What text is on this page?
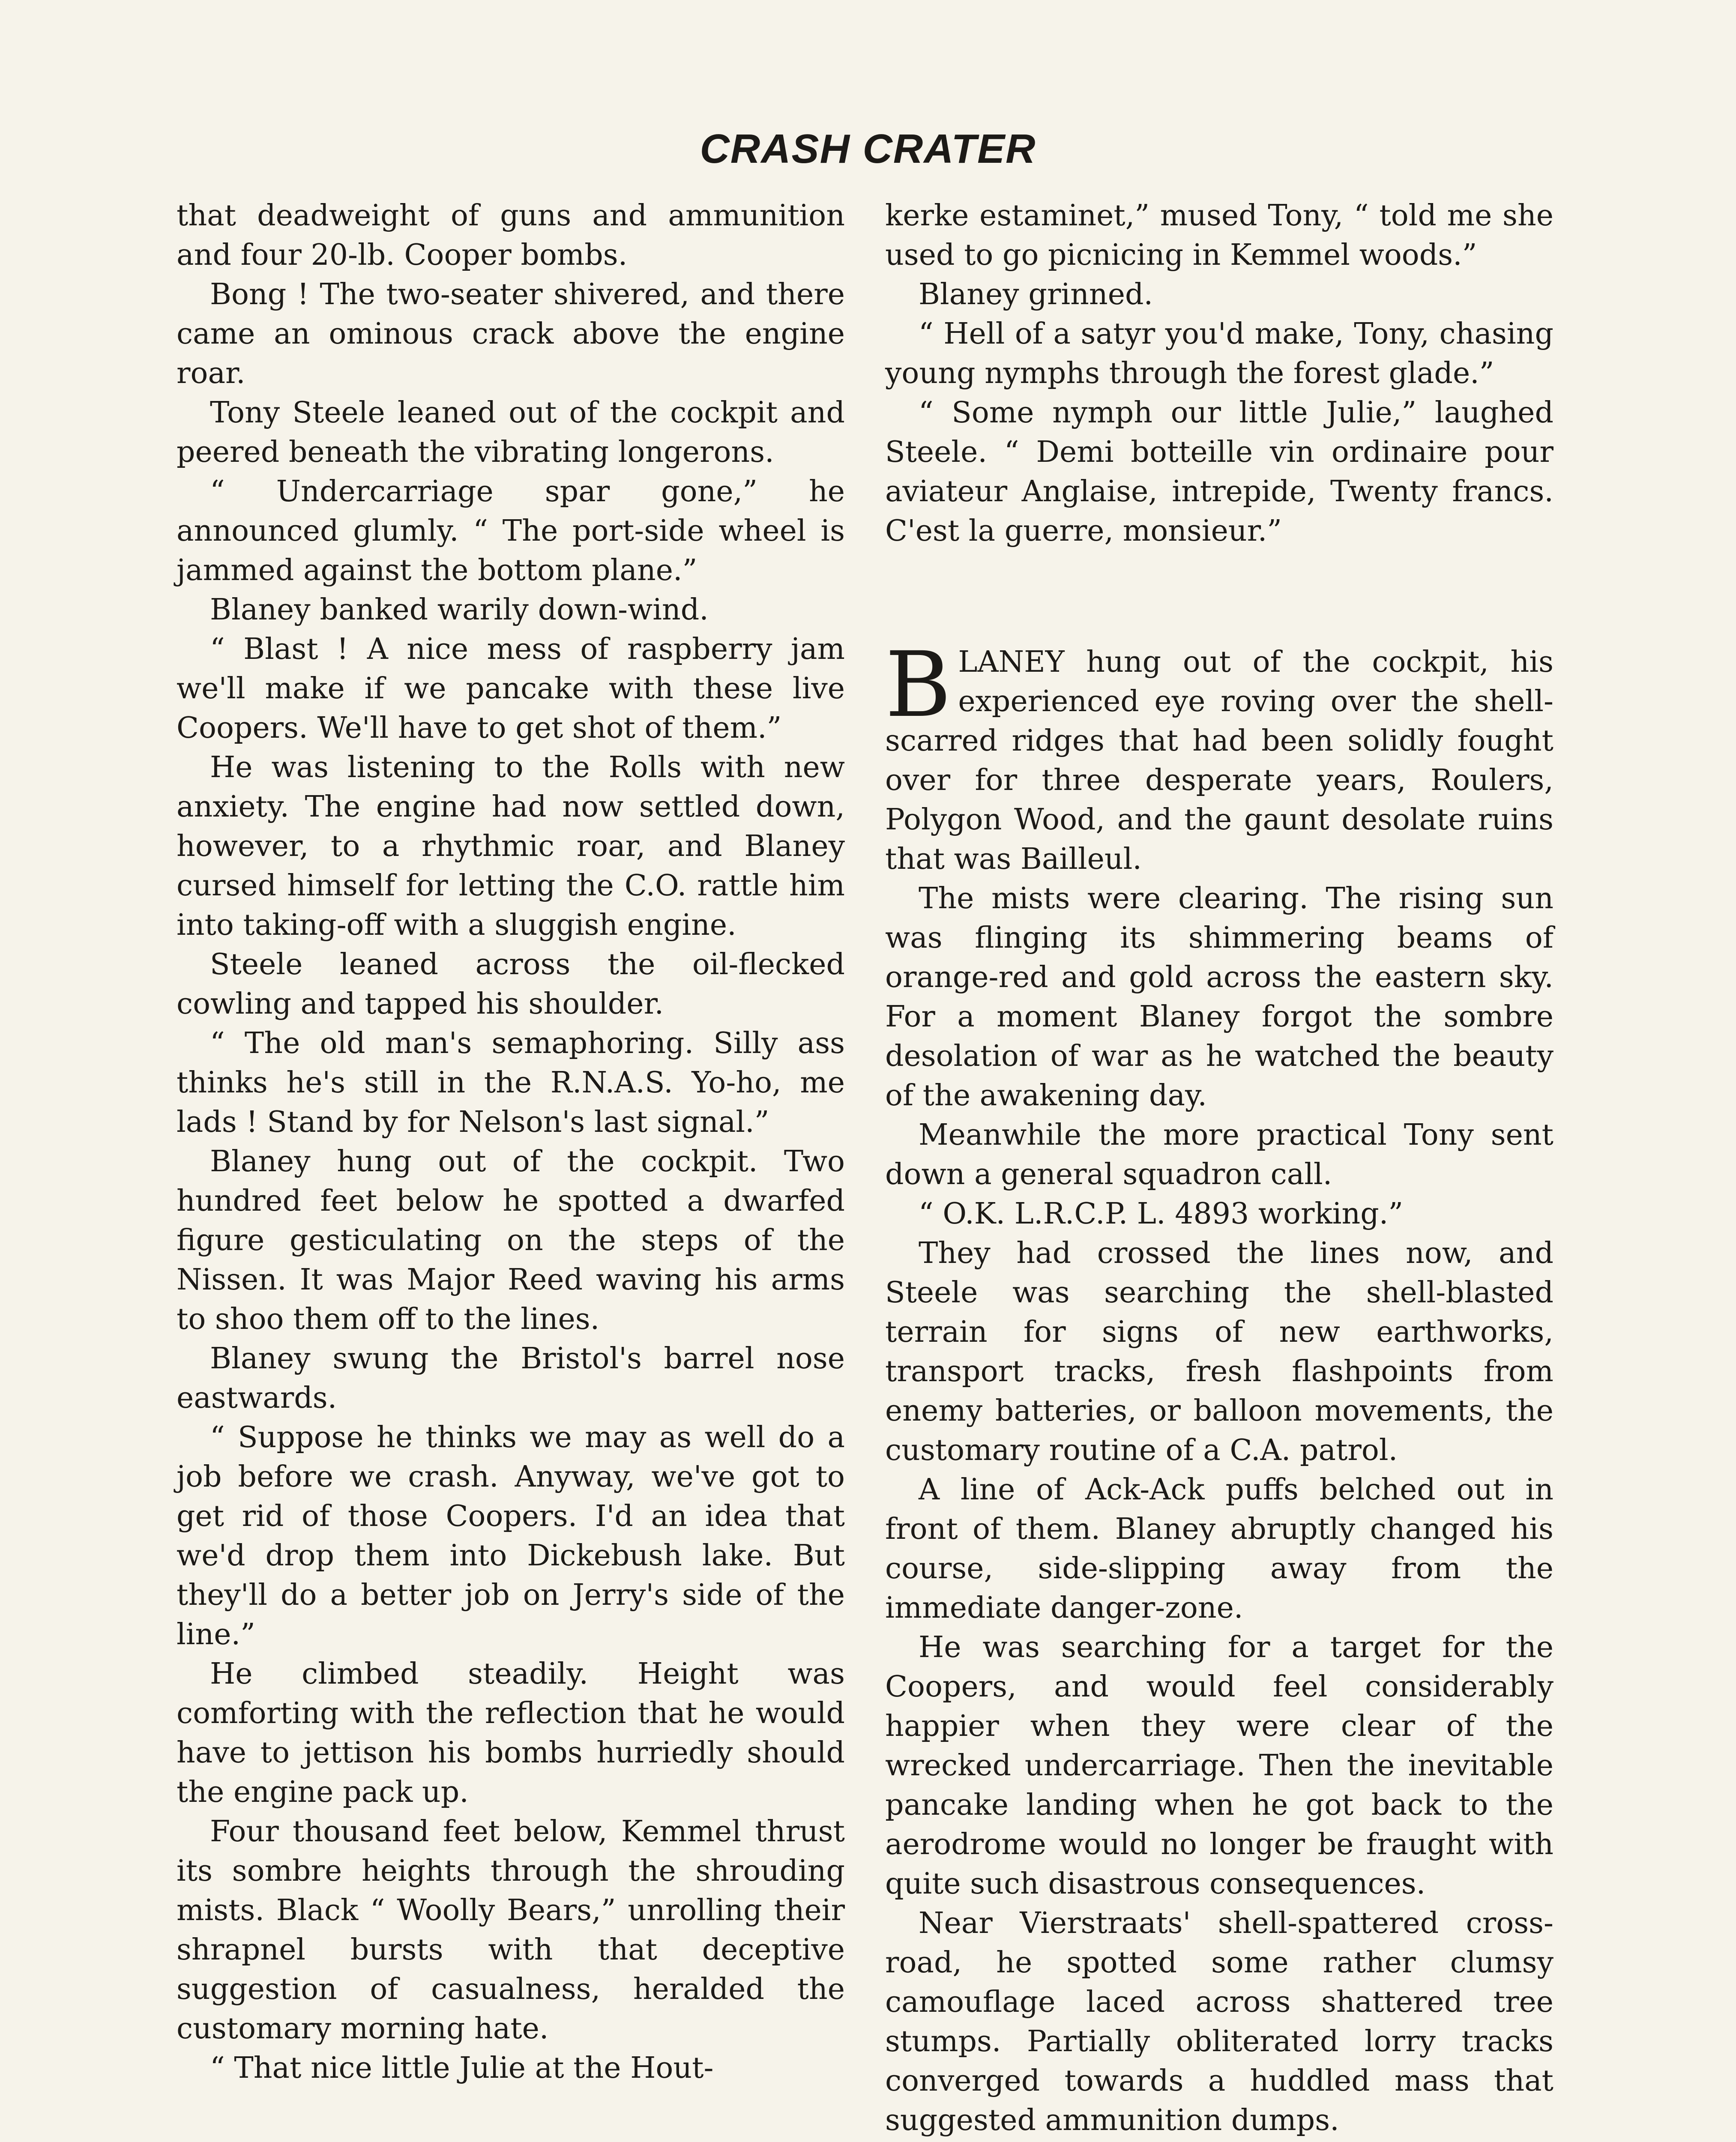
CRASH CRATER

that deadweight of guns and ammunition and four 20-lb. Cooper bombs.

Bong ! The two-seater shivered, and there came an ominous crack above the engine roar.

Tony Steele leaned out of the cockpit and peered beneath the vibrating longerons.

“ Undercarriage spar gone,” he announced glumly. “ The port-side wheel is jammed against the bottom plane.”

Blaney banked warily down-wind.

“ Blast ! A nice mess of raspberry jam we'll make if we pancake with these live Coopers. We'll have to get shot of them.”

He was listening to the Rolls with new anxiety. The engine had now settled down, however, to a rhythmic roar, and Blaney cursed himself for letting the C.O. rattle him into taking-off with a sluggish engine.

Steele leaned across the oil-flecked cowling and tapped his shoulder.

“ The old man's semaphoring. Silly ass thinks he's still in the R.N.A.S. Yo-ho, me lads ! Stand by for Nelson's last signal.”

Blaney hung out of the cockpit. Two hundred feet below he spotted a dwarfed figure gesticulating on the steps of the Nissen. It was Major Reed waving his arms to shoo them off to the lines.

Blaney swung the Bristol's barrel nose eastwards.

“ Suppose he thinks we may as well do a job before we crash. Anyway, we've got to get rid of those Coopers. I'd an idea that we'd drop them into Dickebush lake. But they'll do a better job on Jerry's side of the line.”

He climbed steadily. Height was comforting with the reflection that he would have to jettison his bombs hurriedly should the engine pack up.

Four thousand feet below, Kemmel thrust its sombre heights through the shrouding mists. Black “ Woolly Bears,” unrolling their shrapnel bursts with that deceptive suggestion of casualness, heralded the customary morning hate.

“ That nice little Julie at the Hout-

kerke estaminet,” mused Tony, “ told me she used to go picnicing in Kemmel woods.”

Blaney grinned.

“ Hell of a satyr you'd make, Tony, chasing young nymphs through the forest glade.”

“ Some nymph our little Julie,” laughed Steele. “ Demi botteille vin ordinaire pour aviateur Anglaise, intrepide, Twenty francs. C'est la guerre, monsieur.”

BLANEY hung out of the cockpit, his experienced eye roving over the shell-scarred ridges that had been solidly fought over for three desperate years, Roulers, Polygon Wood, and the gaunt desolate ruins that was Bailleul.

The mists were clearing. The rising sun was flinging its shimmering beams of orange-red and gold across the eastern sky. For a moment Blaney forgot the sombre desolation of war as he watched the beauty of the awakening day.

Meanwhile the more practical Tony sent down a general squadron call.

“ O.K. L.R.C.P. L. 4893 working.”

They had crossed the lines now, and Steele was searching the shell-blasted terrain for signs of new earthworks, transport tracks, fresh flashpoints from enemy batteries, or balloon movements, the customary routine of a C.A. patrol.

A line of Ack-Ack puffs belched out in front of them. Blaney abruptly changed his course, side-slipping away from the immediate danger-zone.

He was searching for a target for the Coopers, and would feel considerably happier when they were clear of the wrecked undercarriage. Then the inevitable pancake landing when he got back to the aerodrome would no longer be fraught with quite such disastrous consequences.

Near Vierstraats' shell-spattered cross-road, he spotted some rather clumsy camouflage laced across shattered tree stumps. Partially obliterated lorry tracks converged towards a huddled mass that suggested ammunition dumps.
